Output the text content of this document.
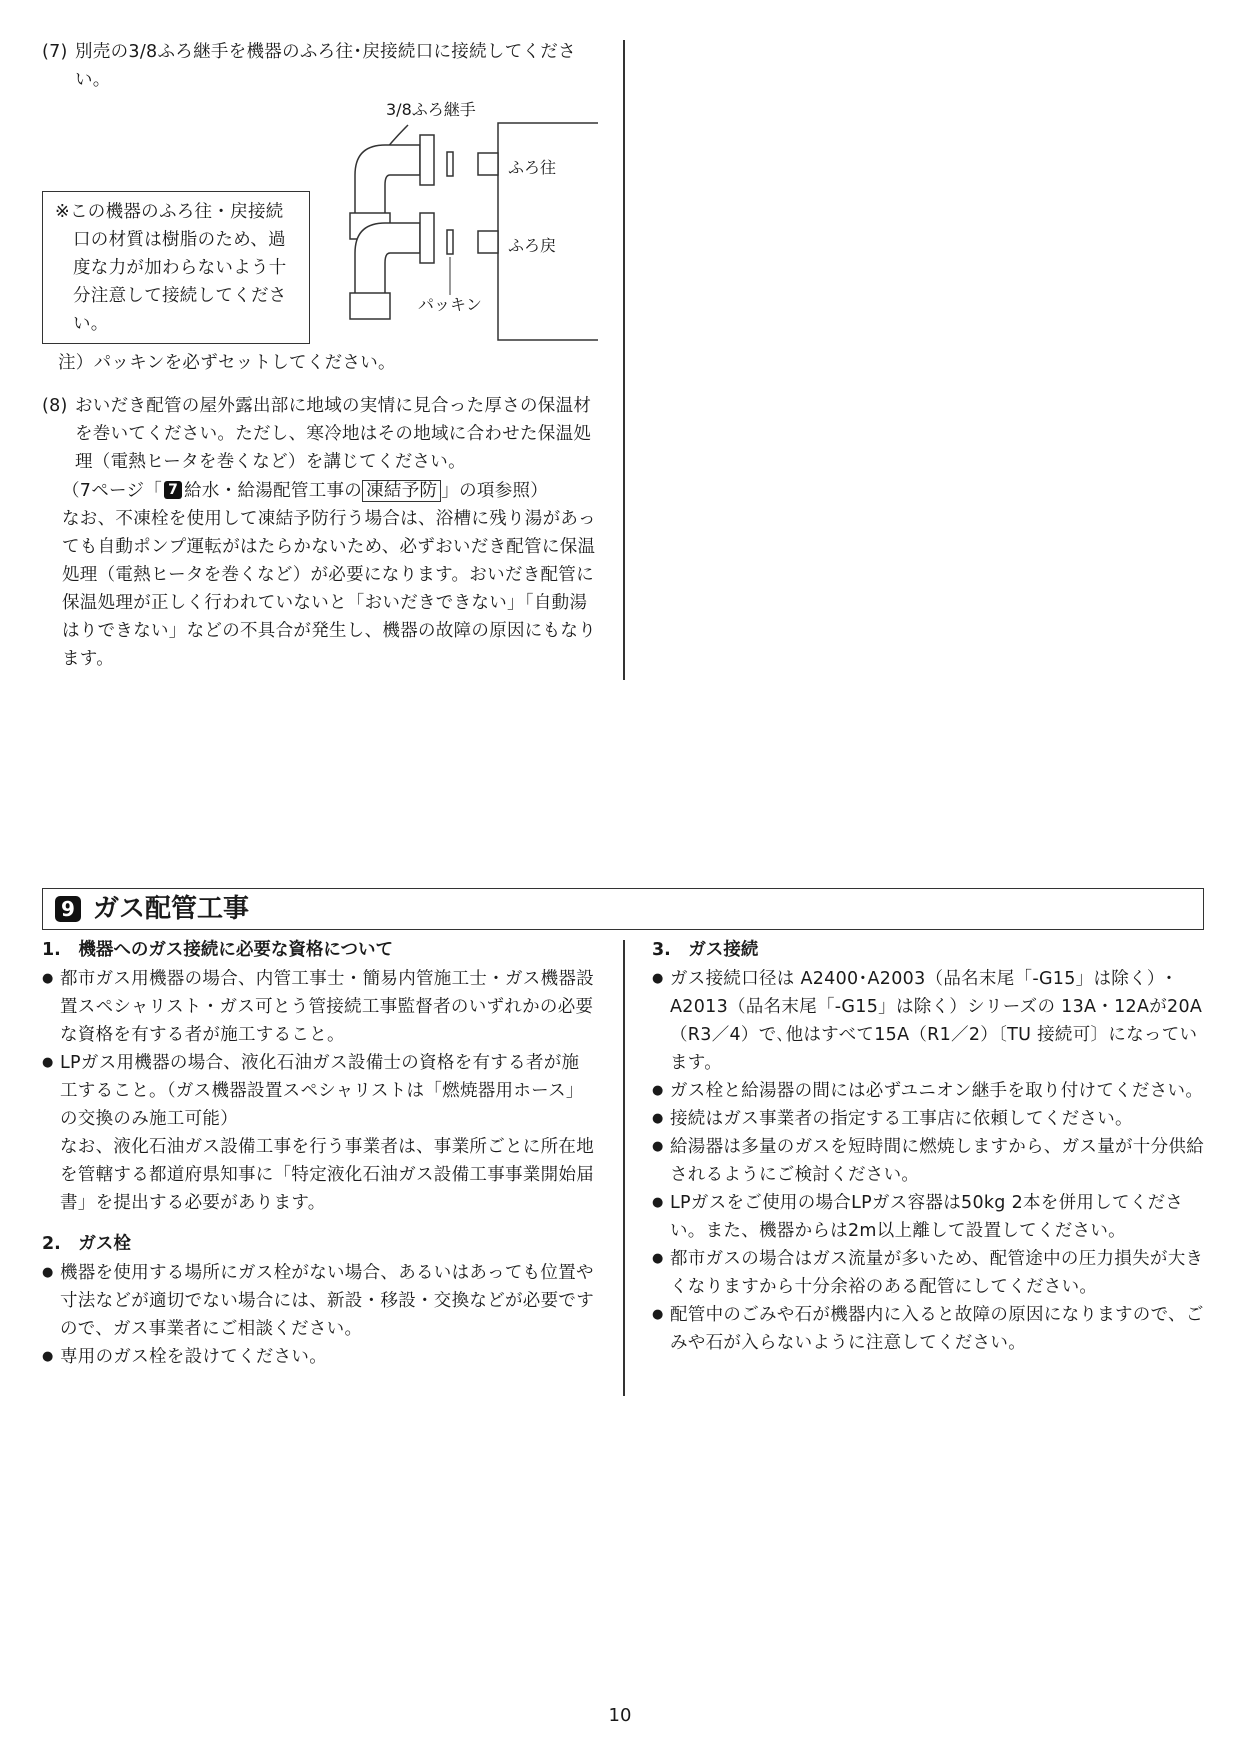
(7) 別売の3/8ふろ継手を機器のふろ往･戻接続口に接続してください。
※この機器のふろ往・戻接続口の材質は樹脂のため、過度な力が加わらないよう十分注意して接続してください。
3/8ふろ継手
ふろ往
ふろ戻
パッキン
注）パッキンを必ずセットしてください。
(8) おいだき配管の屋外露出部に地域の実情に見合った厚さの保温材を巻いてください。ただし、寒冷地はその地域に合わせた保温処理（電熱ヒータを巻くなど）を講じてください。
（7ページ「 7 給水・給湯配管工事の 凍結予防 」の項参照）
なお、不凍栓を使用して凍結予防行う場合は、浴槽に残り湯があっても自動ポンプ運転がはたらかないため、必ずおいだき配管に保温処理（電熱ヒータを巻くなど）が必要になります。おいだき配管に保温処理が正しく行われていないと「おいだきできない」「自動湯はりできない」などの不具合が発生し、機器の故障の原因にもなります。
9 ガス配管工事
1.　機器へのガス接続に必要な資格について
● 都市ガス用機器の場合、内管工事士・簡易内管施工士・ガス機器設置スペシャリスト・ガス可とう管接続工事監督者のいずれかの必要な資格を有する者が施工すること。
● LPガス用機器の場合、液化石油ガス設備士の資格を有する者が施工すること。（ガス機器設置スペシャリストは「燃焼器用ホース」の交換のみ施工可能）
なお、液化石油ガス設備工事を行う事業者は、事業所ごとに所在地を管轄する都道府県知事に「特定液化石油ガス設備工事事業開始届書」を提出する必要があります。
2.　ガス栓
● 機器を使用する場所にガス栓がない場合、あるいはあっても位置や寸法などが適切でない場合には、新設・移設・交換などが必要ですので、ガス事業者にご相談ください。
● 専用のガス栓を設けてください。
3.　ガス接続
● ガス接続口径は A2400･A2003（品名末尾「-G15」は除く）･A2013（品名末尾「-G15」は除く）シリーズの 13A・12Aが20A（R3／4）で､他はすべて15A（R1／2）〔TU 接続可〕になっています。
● ガス栓と給湯器の間には必ずユニオン継手を取り付けてください。
● 接続はガス事業者の指定する工事店に依頼してください。
● 給湯器は多量のガスを短時間に燃焼しますから、ガス量が十分供給されるようにご検討ください。
● LPガスをご使用の場合LPガス容器は50kg 2本を併用してください。また、機器からは2m以上離して設置してください。
● 都市ガスの場合はガス流量が多いため、配管途中の圧力損失が大きくなりますから十分余裕のある配管にしてください。
● 配管中のごみや石が機器内に入ると故障の原因になりますので、ごみや石が入らないように注意してください。
10
